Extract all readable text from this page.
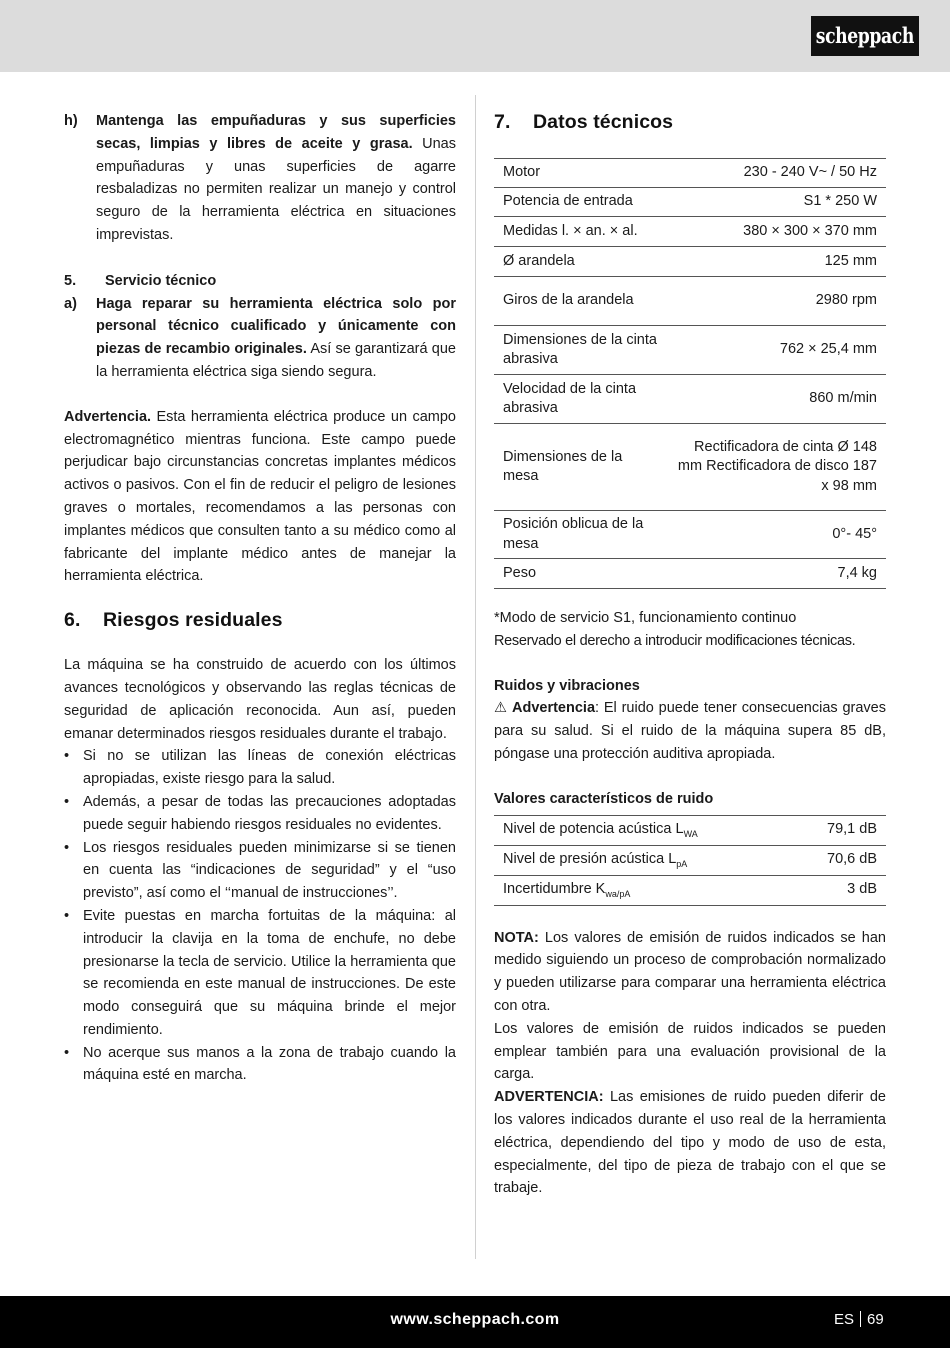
scheppach
h)	Mantenga las empuñaduras y sus superficies secas, limpias y libres de aceite y grasa. Unas empuñaduras y unas superficies de agarre resbaladizas no permiten realizar un manejo y control seguro de la herramienta eléctrica en situaciones imprevistas.

5.	Servicio técnico
a)	Haga reparar su herramienta eléctrica solo por personal técnico cualificado y únicamente con piezas de recambio originales. Así se garantizará que la herramienta eléctrica siga siendo segura.

Advertencia. Esta herramienta eléctrica produce un campo electromagnético mientras funciona. Este campo puede perjudicar bajo circunstancias concretas implantes médicos activos o pasivos. Con el fin de reducir el peligro de lesiones graves o mortales, recomendamos a las personas con implantes médicos que consulten tanto a su médico como al fabricante del implante médico antes de manejar la herramienta eléctrica.

6.	Riesgos residuales

La máquina se ha construido de acuerdo con los últimos avances tecnológicos y observando las reglas técnicas de seguridad de aplicación reconocida. Aun así, pueden emanar determinados riesgos residuales durante el trabajo.

• Si no se utilizan las líneas de conexión eléctricas apropiadas, existe riesgo para la salud.
• Además, a pesar de todas las precauciones adoptadas puede seguir habiendo riesgos residuales no evidentes.
• Los riesgos residuales pueden minimizarse si se tienen en cuenta las “indicaciones de seguridad” y el “uso previsto”, así como el ‘‘manual de instrucciones’’.
• Evite puestas en marcha fortuitas de la máquina: al introducir la clavija en la toma de enchufe, no debe presionarse la tecla de servicio. Utilice la herramienta que se recomienda en este manual de instrucciones. De este modo conseguirá que su máquina brinde el mejor rendimiento.
• No acerque sus manos a la zona de trabajo cuando la máquina esté en marcha.
7.	Datos técnicos
Motor	230 - 240 V~ / 50 Hz
Potencia de entrada	S1 * 250 W
Medidas l. × an. × al.	380 × 300 × 370 mm
Ø arandela	125 mm
Giros de la arandela	2980 rpm
Dimensiones de la cinta abrasiva	762 × 25,4 mm
Velocidad de la cinta abrasiva	860 m/min
Dimensiones de la mesa	Rectificadora de cinta Ø 148 mm Rectificadora de disco 187 x 98 mm
Posición oblicua de la mesa	0°- 45°
Peso	7,4 kg

*Modo de servicio S1, funcionamiento continuo

Reservado el derecho a introducir modificaciones técnicas.

Ruidos y vibraciones

⚠ Advertencia: El ruido puede tener consecuencias graves para su salud. Si el ruido de la máquina supera 85 dB, póngase una protección auditiva apropiada.

Valores característicos de ruido

Nivel de potencia acústica $L_{WA}$	79,1 dB
Nivel de presión acústica $L_{pA}$	70,6 dB
Incertidumbre $K_{wa/pA}$	3 dB

NOTA: Los valores de emisión de ruidos indicados se han medido siguiendo un proceso de comprobación normalizado y pueden utilizarse para comparar una herramienta eléctrica con otra.

Los valores de emisión de ruidos indicados se pueden emplear también para una evaluación provisional de la carga.

ADVERTENCIA: Las emisiones de ruido pueden diferir de los valores indicados durante el uso real de la herramienta eléctrica, dependiendo del tipo y modo de uso de esta, especialmente, del tipo de pieza de trabajo con el que se trabaje.

www.scheppach.com	ES 69
